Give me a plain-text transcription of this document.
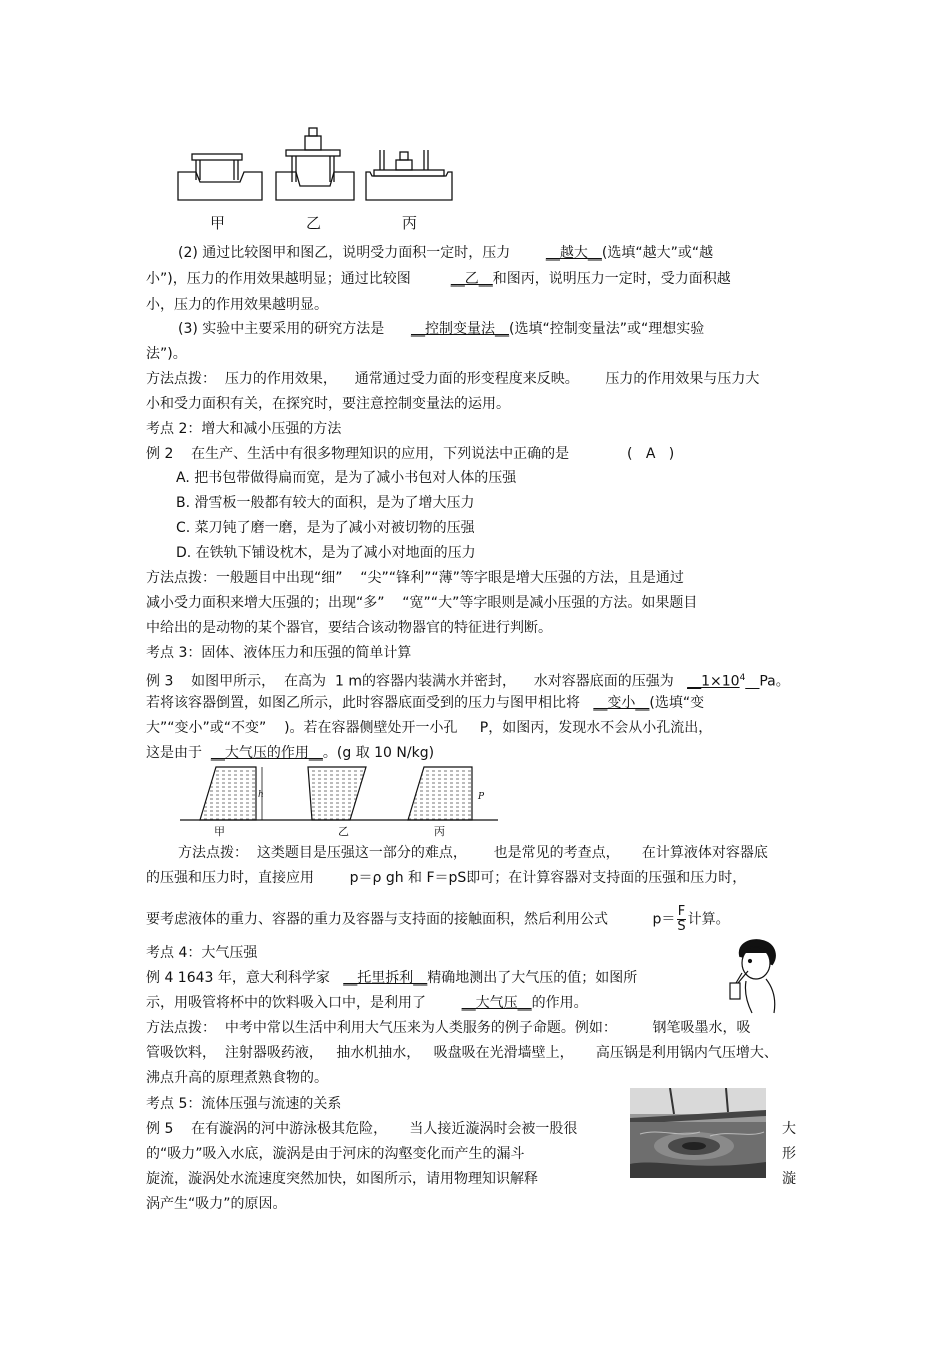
甲	乙	丙
(2) 通过比较图甲和图乙，说明受力面积一定时，压力	__越大__(选填“越大”或“越
小”)，压力的作用效果越明显；通过比较图	__乙__和图丙，说明压力一定时，受力面积越
小，压力的作用效果越明显。
(3) 实验中主要采用的研究方法是 __控制变量法__(选填“控制变量法”或“理想实验
法”)。
方法点拨：  压力的作用效果，    通常通过受力面的形变程度来反映。      压力的作用效果与压力大
小和受力面积有关，在探究时，要注意控制变量法的运用。
考点 2：增大和减小压强的方法
例 2    在生产、生活中有很多物理知识的应用，下列说法中正确的是	(   A   )
A. 把书包带做得扁而宽，是为了减小书包对人体的压强
B. 滑雪板一般都有较大的面积，是为了增大压力
C. 菜刀钝了磨一磨，是为了减小对被切物的压强
D. 在铁轨下铺设枕木，是为了减小对地面的压力
方法点拨：一般题目中出现“细”    “尖”“锋利”“薄”等字眼是增大压强的方法，且是通过
减小受力面积来增大压强的；出现“多”    “宽”“大”等字眼则是减小压强的方法。如果题目
中给出的是动物的某个器官，要结合该动物器官的特征进行判断。
考点 3：固体、液体压力和压强的简单计算
例 3    如图甲所示，  在高为  1 m的容器内装满水并密封，    水对容器底面的压强为 $\_\_1\times 10^4\_\_Pa$。
若将该容器倒置，如图乙所示，此时容器底面受到的压力与图甲相比将 __变小__(选填“变
大”“变小”或“不变”    )。若在容器侧壁处开一小孔     P，如图丙，发现水不会从小孔流出，
这是由于 __大气压的作用__。(g 取 10 N/kg)
h	P
甲	乙	丙
方法点拨：  这类题目是压强这一部分的难点，      也是常见的考查点，     在计算液体对容器底
的压强和压力时，直接应用        p＝ρ gh 和 F＝pS即可；在计算容器对支持面的压强和压力时，
要考虑液体的重力、容器的重力及容器与支持面的接触面积，然后利用公式	$p= \frac{F}{S}$ 计算。
考点 4：大气压强
例 4 1643 年，意大利科学家 __托里拆利__精确地测出了大气压的值；如图所
示，用吸管将杯中的饮料吸入口中，是利用了	__大气压__的作用。
方法点拨：  中考中常以生活中利用大气压来为人类服务的例子命题。例如：        钢笔吸墨水，吸
管吸饮料，  注射器吸药液，   抽水机抽水，   吸盘吸在光滑墙壁上，     高压锅是利用锅内气压增大、
沸点升高的原理煮熟食物的。
考点 5：流体压强与流速的关系
例 5    在有漩涡的河中游泳极其危险，     当人接近漩涡时会被一股很	大
的“吸力”吸入水底，漩涡是由于河床的沟壑变化而产生的漏斗	形
旋流，漩涡处水流速度突然加快，如图所示，请用物理知识解释	漩
涡产生“吸力”的原因。
